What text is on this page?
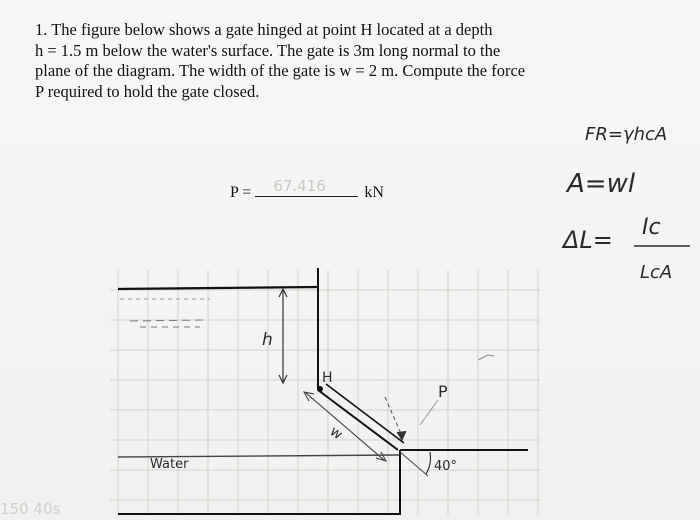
1. The figure below shows a gate hinged at point H located at a depth
h = 1.5 m below the water's surface. The gate is 3m long normal to the
plane of the diagram. The width of the gate is w = 2 m. Compute the force
P required to hold the gate closed.
P = 67.416 kN
h
H
w
P
40°
Water
150 40s
FR=γhcA
A=wl
ΔL= Ic
LcA
